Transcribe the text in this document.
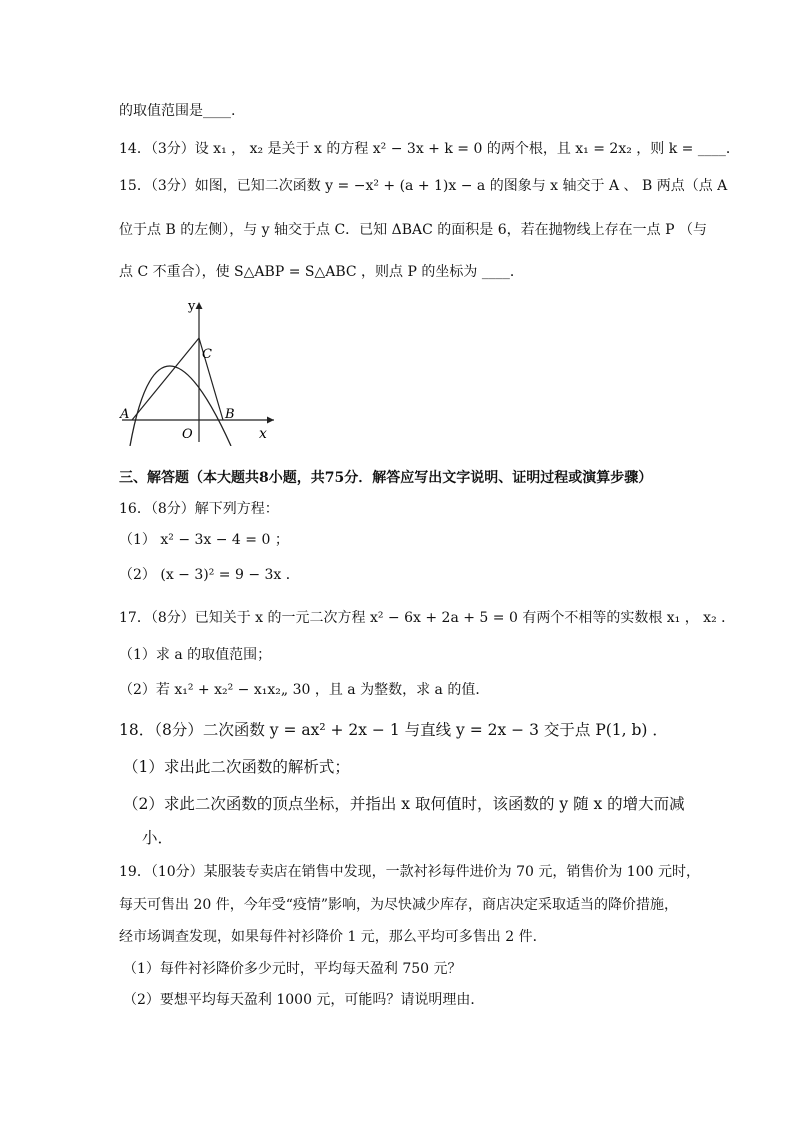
的取值范围是____.
14．（3分）设 x₁ ， x₂ 是关于 x 的方程 x² − 3x + k = 0 的两个根，且 x₁ = 2x₂ ，则 k = ____．
15．（3分）如图，已知二次函数 y = −x² + (a + 1)x − a 的图象与 x 轴交于 A 、 B 两点（点 A
位于点 B 的左侧），与 y 轴交于点 C．已知 ΔBAC 的面积是 6，若在抛物线上存在一点 P （与
点 C 不重合），使 S△ABP = S△ABC ，则点 P 的坐标为 ____．
y
x
O
A	B
C
三、解答题（本大题共8小题，共75分．解答应写出文字说明、证明过程或演算步骤）
16．（8分）解下列方程：
（1） x² − 3x − 4 = 0 ；
（2） (x − 3)² = 9 − 3x ．
17．（8分）已知关于 x 的一元二次方程 x² − 6x + 2a + 5 = 0 有两个不相等的实数根 x₁ ， x₂ ．
（1）求 a 的取值范围；
（2）若 x₁² + x₂² − x₁x₂„ 30 ，且 a 为整数，求 a 的值．
18．（8分）二次函数 y = ax² + 2x − 1 与直线 y = 2x − 3 交于点 P(1, b) ．
（1）求出此二次函数的解析式；
（2）求此二次函数的顶点坐标，并指出 x 取何值时，该函数的 y 随 x 的增大而减
小．
19．（10分）某服装专卖店在销售中发现，一款衬衫每件进价为 70 元，销售价为 100 元时，
每天可售出 20 件，今年受“疫情”影响，为尽快减少库存，商店决定采取适当的降价措施，
经市场调查发现，如果每件衬衫降价 1 元，那么平均可多售出 2 件．
（1）每件衬衫降价多少元时，平均每天盈利 750 元？
（2）要想平均每天盈利 1000 元，可能吗？请说明理由．
